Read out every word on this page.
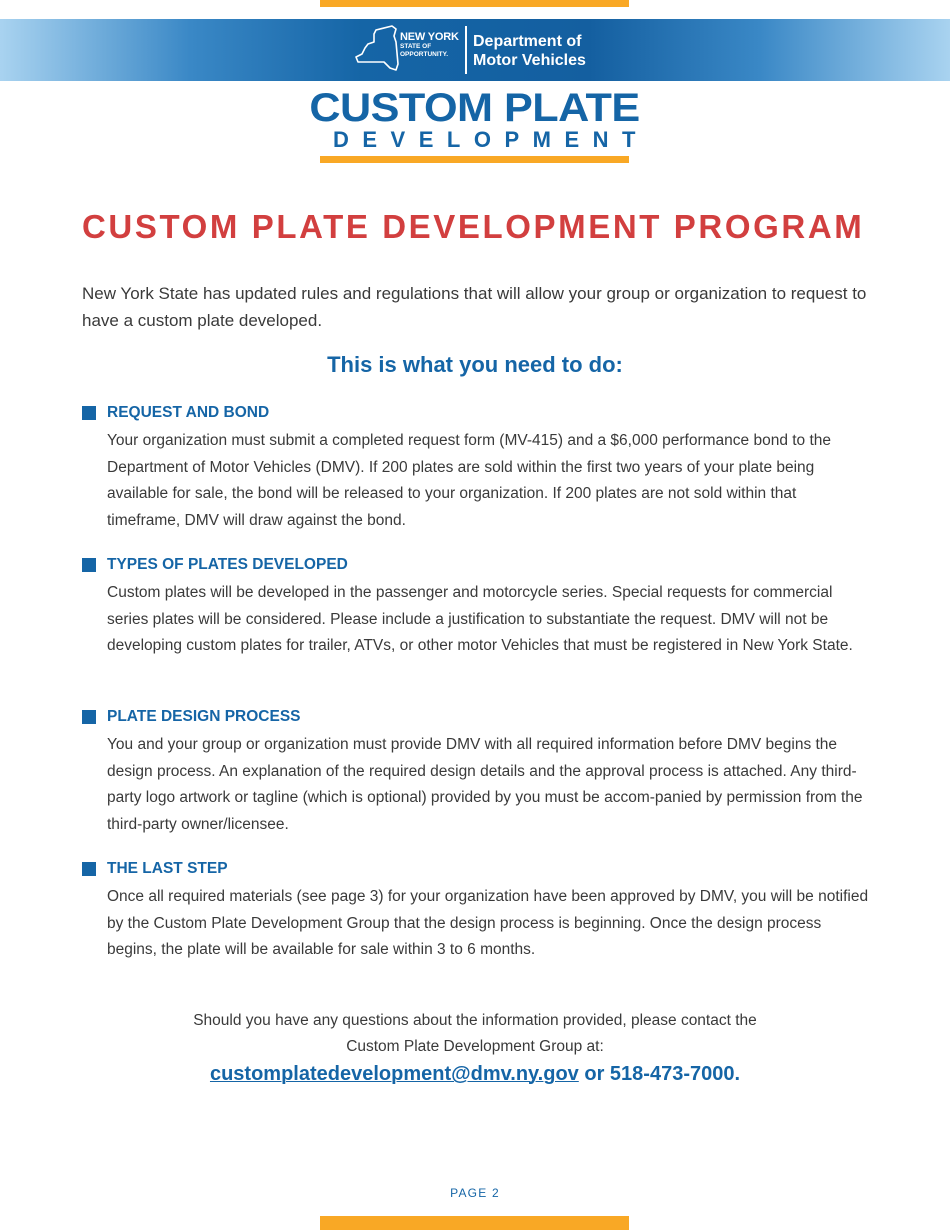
NEW YORK
STATE OF
OPPORTUNITY.
Department of
Motor Vehicles
CUSTOM PLATE
DEVELOPMENT
CUSTOM PLATE DEVELOPMENT PROGRAM

New York State has updated rules and regulations that will allow your group or organization to request to have a custom plate developed.

This is what you need to do:
REQUEST AND BOND

Your organization must submit a completed request form (MV-415) and a $6,000 performance bond to the Department of Motor Vehicles (DMV). If 200 plates are sold within the first two years of your plate being available for sale, the bond will be released to your organization. If 200 plates are not sold within that timeframe, DMV will draw against the bond.

TYPES OF PLATES DEVELOPED

Custom plates will be developed in the passenger and motorcycle series. Special requests for commercial series plates will be considered. Please include a justification to substantiate the request. DMV will not be developing custom plates for trailer, ATVs, or other motor Vehicles that must be registered in New York State.

PLATE DESIGN PROCESS

You and your group or organization must provide DMV with all required information before DMV begins the design process. An explanation of the required design details and the approval process is attached. Any third-party logo artwork or tagline (which is optional) provided by you must be accom-panied by permission from the third-party owner/licensee.

THE LAST STEP

Once all required materials (see page 3) for your organization have been approved by DMV, you will be notified by the Custom Plate Development Group that the design process is beginning. Once the design process begins, the plate will be available for sale within 3 to 6 months.

Should you have any questions about the information provided, please contact the
Custom Plate Development Group at:
customplatedevelopment@dmv.ny.gov or 518-473-7000.
PAGE 2
